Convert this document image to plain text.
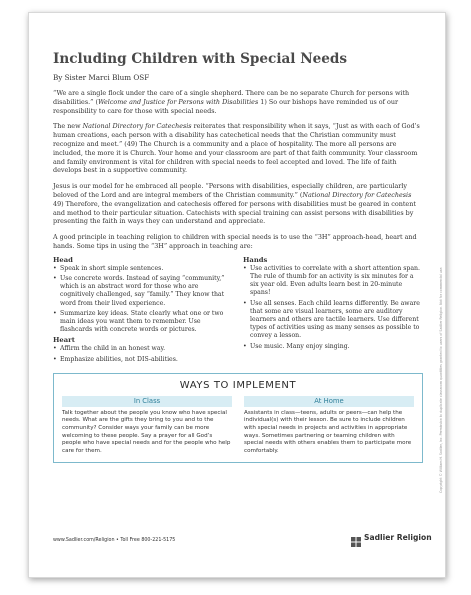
Including Children with Special Needs
By Sister Marci Blum OSF

“We are a single flock under the care of a single shepherd. There can be no separate Church for persons with disabilities.” (Welcome and Justice for Persons with Disabilities 1) So our bishops have reminded us of our responsibility to care for those with special needs.

The new National Directory for Catechesis reiterates that responsibility when it says, “Just as with each of God’s human creations, each person with a disability has catechetical needs that the Christian community must recognize and meet.” (49) The Church is a community and a place of hospitality. The more all persons are included, the more it is Church. Your home and your classroom are part of that faith community. Your classroom and family environment is vital for children with special needs to feel accepted and loved. The life of faith develops best in a supportive community.

Jesus is our model for he embraced all people. “Persons with disabilities, especially children, are particularly beloved of the Lord and are integral members of the Christian community.” (National Directory for Catechesis 49) Therefore, the evangelization and catechesis offered for persons with disabilities must be geared in content and method to their particular situation. Catechists with special training can assist persons with disabilities by presenting the faith in ways they can understand and appreciate.

A good principle in teaching religion to children with special needs is to use the “3H” approach-head, heart and hands. Some tips in using the “3H” approach in teaching are:

Head
• Speak in short simple sentences.
• Use concrete words. Instead of saying “community,” which is an abstract word for those who are cognitively challenged, say “family.” They know that word from their lived experience.
• Summarize key ideas. State clearly what one or two main ideas you want them to remember. Use flashcards with concrete words or pictures.
Heart
• Affirm the child in an honest way.
• Emphasize abilities, not DIS-abilities.
Hands
• Use activities to correlate with a short attention span. The rule of thumb for an activity is six minutes for a six year old. Even adults learn best in 20-minute spans!
• Use all senses. Each child learns differently. Be aware that some are visual learners, some are auditory learners and others are tactile learners. Use different types of activities using as many senses as possible to convey a lesson.
• Use music. Many enjoy singing.
WAYS TO IMPLEMENT
In Class
Talk together about the people you know who have special needs. What are the gifts they bring to you and to the community? Consider ways your family can be more welcoming to these people. Say a prayer for all God’s people who have special needs and for the people who help care for them.
At Home
Assistants in class—teens, adults or peers—can help the individual(s) with their lesson. Be sure to include children with special needs in projects and activities in appropriate ways. Sometimes partnering or teaming children with special needs with others enables them to participate more comfortably.
www.Sadlier.com/Religion • Toll Free 800-221-5175	Sadlier Religion
Copyright © William H. Sadlier, Inc. Permission to duplicate classroom quantities granted to users of Sadlier Religion. Not for commercial use.
